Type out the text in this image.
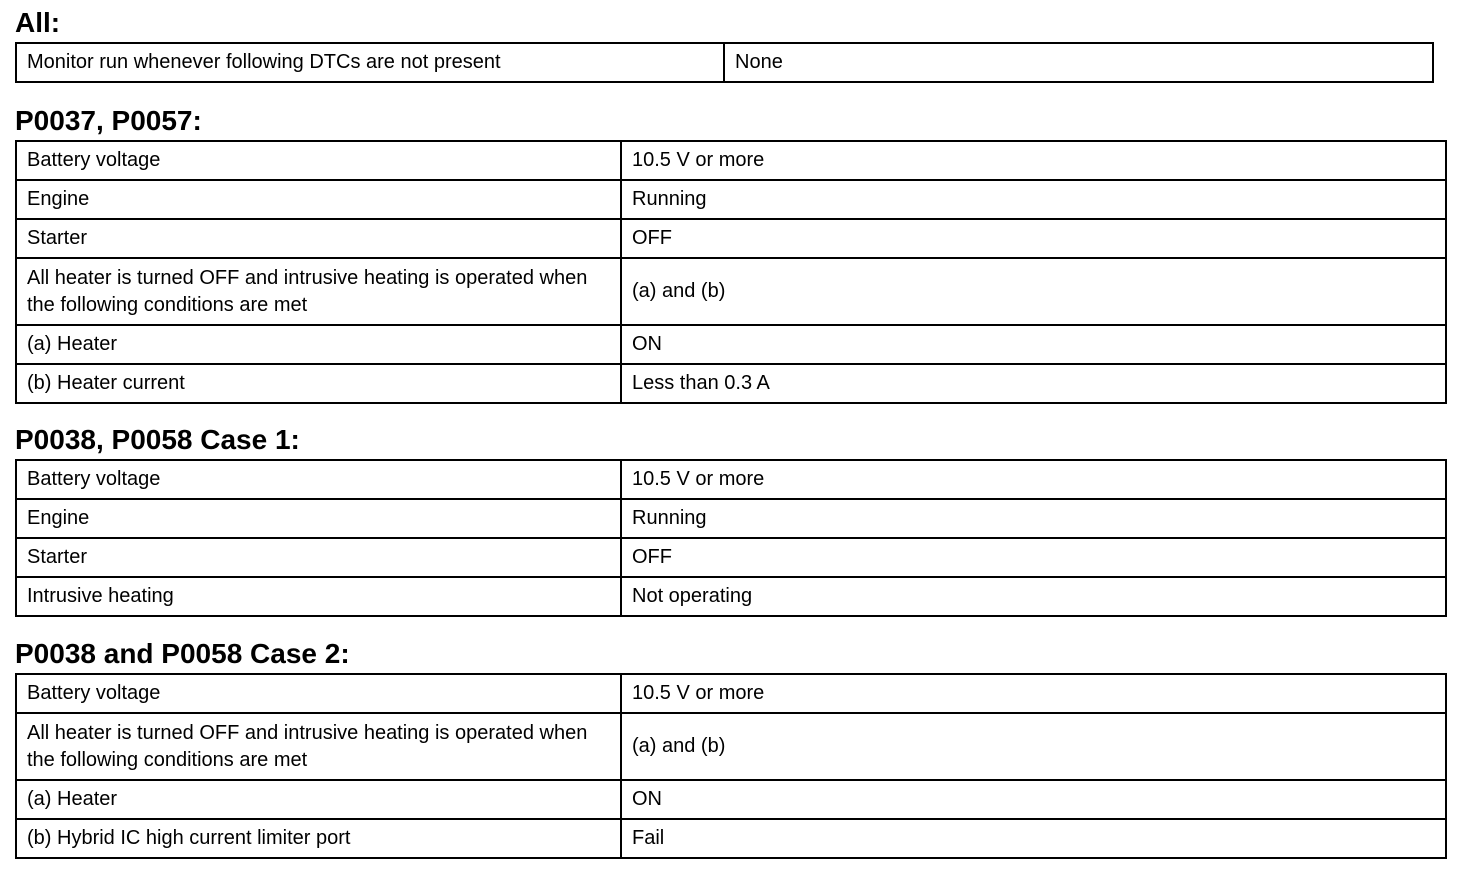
All:
Monitor run whenever following DTCs are not present	None
P0037, P0057:
Battery voltage	10.5 V or more
Engine	Running
Starter	OFF
All heater is turned OFF and intrusive heating is operated when the following conditions are met	(a) and (b)
(a) Heater	ON
(b) Heater current	Less than 0.3 A
P0038, P0058 Case 1:
Battery voltage	10.5 V or more
Engine	Running
Starter	OFF
Intrusive heating	Not operating
P0038 and P0058 Case 2:
Battery voltage	10.5 V or more
All heater is turned OFF and intrusive heating is operated when the following conditions are met	(a) and (b)
(a) Heater	ON
(b) Hybrid IC high current limiter port	Fail
